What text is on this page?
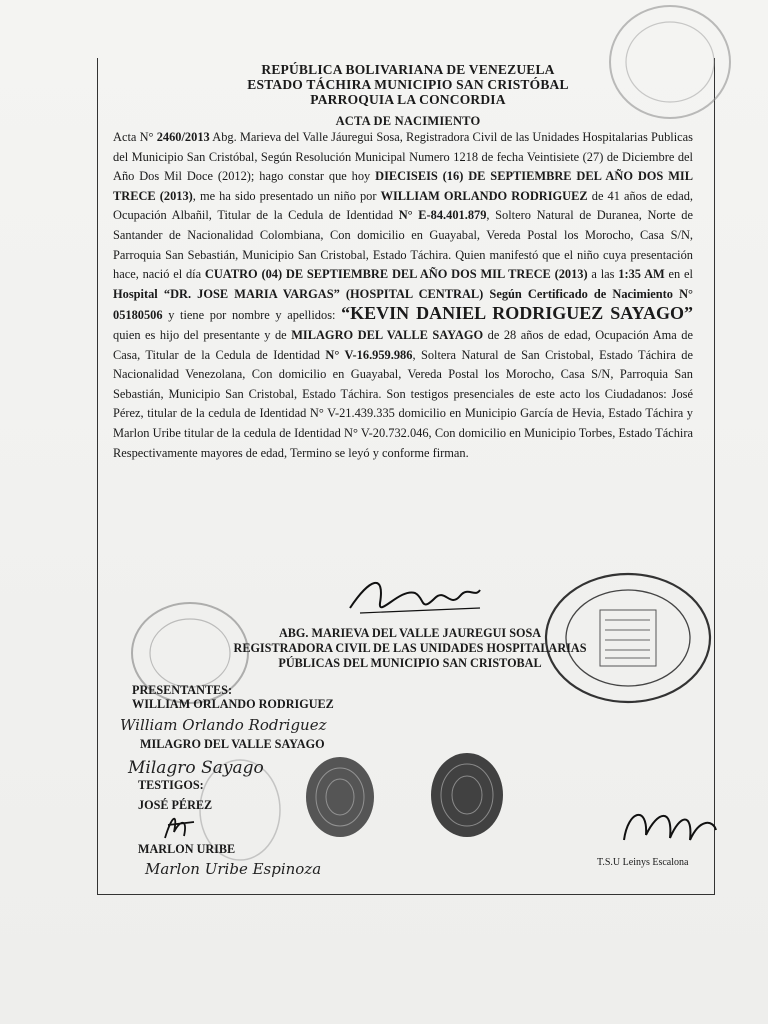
REPÚBLICA BOLIVARIANA DE VENEZUELA
ESTADO TÁCHIRA MUNICIPIO SAN CRISTÓBAL
PARROQUIA LA CONCORDIA
ACTA DE NACIMIENTO
Acta N° 2460/2013 Abg. Marieva del Valle Jáuregui Sosa, Registradora Civil de las Unidades Hospitalarias Publicas del Municipio San Cristóbal, Según Resolución Municipal Numero 1218 de fecha Veintisiete (27) de Diciembre del Año Dos Mil Doce (2012); hago constar que hoy DIECISEIS (16) DE SEPTIEMBRE DEL AÑO DOS MIL TRECE (2013), me ha sido presentado un niño por WILLIAM ORLANDO RODRIGUEZ de 41 años de edad, Ocupación Albañil, Titular de la Cedula de Identidad N° E-84.401.879, Soltero Natural de Duranea, Norte de Santander de Nacionalidad Colombiana, Con domicilio en Guayabal, Vereda Postal los Morocho, Casa S/N, Parroquia San Sebastián, Municipio San Cristobal, Estado Táchira. Quien manifestó que el niño cuya presentación hace, nació el día CUATRO (04) DE SEPTIEMBRE DEL AÑO DOS MIL TRECE (2013) a las 1:35 AM en el Hospital “DR. JOSE MARIA VARGAS” (HOSPITAL CENTRAL) Según Certificado de Nacimiento N° 05180506 y tiene por nombre y apellidos: “KEVIN DANIEL RODRIGUEZ SAYAGO” quien es hijo del presentante y de MILAGRO DEL VALLE SAYAGO de 28 años de edad, Ocupación Ama de Casa, Titular de la Cedula de Identidad N° V-16.959.986, Soltera Natural de San Cristobal, Estado Táchira de Nacionalidad Venezolana, Con domicilio en Guayabal, Vereda Postal los Morocho, Casa S/N, Parroquia San Sebastián, Municipio San Cristobal, Estado Táchira. Son testigos presenciales de este acto los Ciudadanos: José Pérez, titular de la cedula de Identidad N° V-21.439.335 domicilio en Municipio García de Hevia, Estado Táchira y Marlon Uribe titular de la cedula de Identidad N° V-20.732.046, Con domicilio en Municipio Torbes, Estado Táchira Respectivamente mayores de edad, Termino se leyó y conforme firman.
ABG. MARIEVA DEL VALLE JAUREGUI SOSA
REGISTRADORA CIVIL DE LAS UNIDADES HOSPITALARIAS
PÚBLICAS DEL MUNICIPIO SAN CRISTOBAL
PRESENTANTES:
WILLIAM ORLANDO RODRIGUEZ
William Orlando Rodriguez
MILAGRO DEL VALLE SAYAGO
Milagro Sayago
TESTIGOS:
JOSÉ PÉREZ
MARLON URIBE
Marlon Uribe Espinoza	T.S.U Leinys Escalona
